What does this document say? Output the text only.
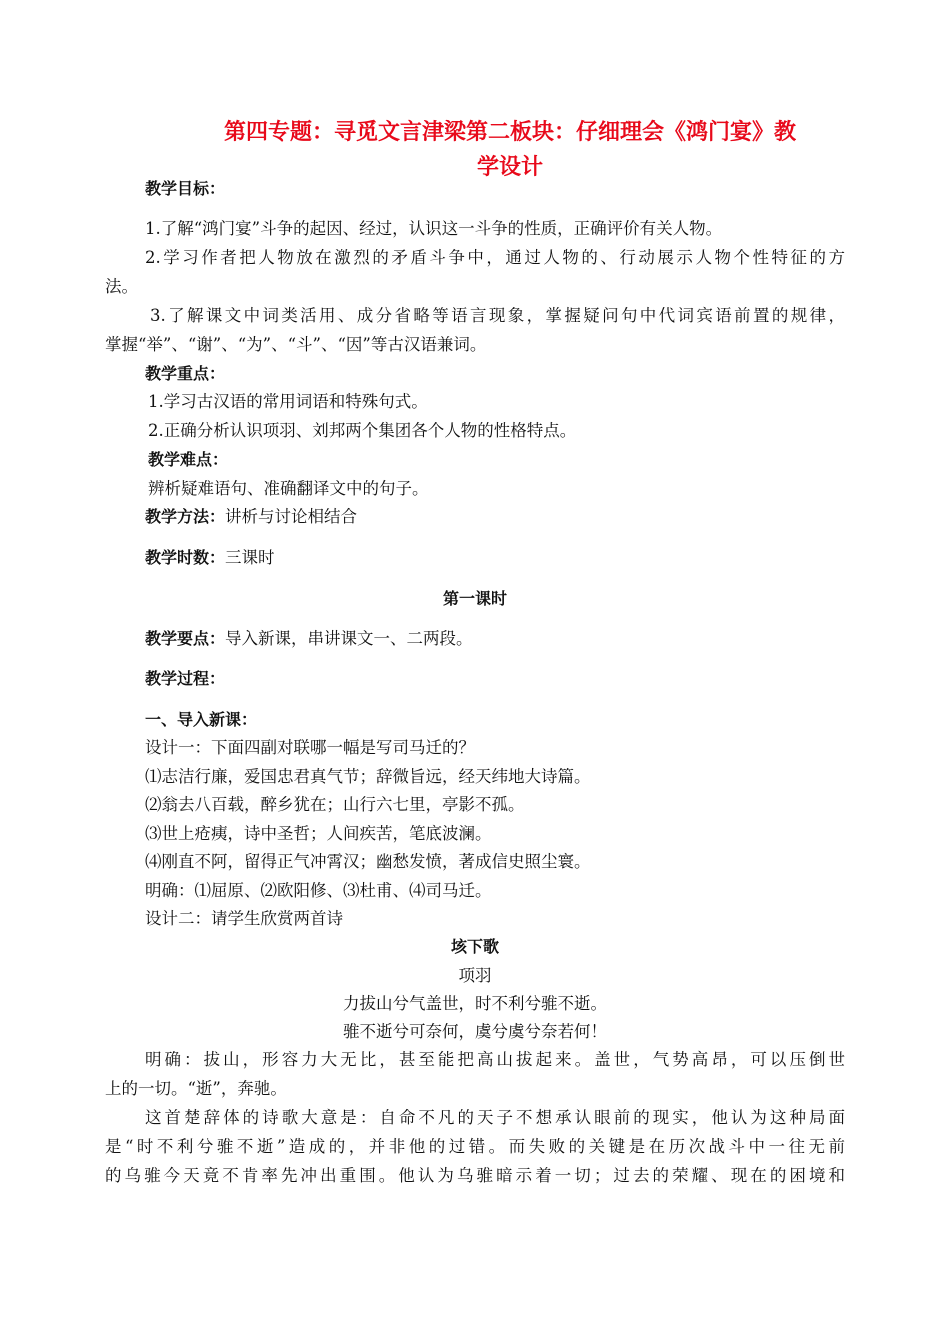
第四专题：寻觅文言津梁第二板块：仔细理会《鸿门宴》教
学设计
教学目标：
1.了解“鸿门宴”斗争的起因、经过，认识这一斗争的性质，正确评价有关人物。
2.学习作者把人物放在激烈的矛盾斗争中，通过人物的、行动展示人物个性特征的方
法。
3.了解课文中词类活用、成分省略等语言现象，掌握疑问句中代词宾语前置的规律，
掌握“举”、“谢”、“为”、“斗”、“因”等古汉语兼词。
教学重点：
1.学习古汉语的常用词语和特殊句式。
2.正确分析认识项羽、刘邦两个集团各个人物的性格特点。
教学难点：
辨析疑难语句、准确翻译文中的句子。
教学方法：讲析与讨论相结合
教学时数：三课时
第一课时
教学要点：导入新课，串讲课文一、二两段。
教学过程：
一、导入新课：
设计一：下面四副对联哪一幅是写司马迁的？
⑴志洁行廉，爱国忠君真气节；辞微旨远，经天纬地大诗篇。
⑵翁去八百载，醉乡犹在；山行六七里，亭影不孤。
⑶世上疮痍，诗中圣哲；人间疾苦，笔底波澜。
⑷刚直不阿，留得正气冲霄汉；幽愁发愤，著成信史照尘寰。
明确：⑴屈原、⑵欧阳修、⑶杜甫、⑷司马迁。
设计二：请学生欣赏两首诗
垓下歌
项羽
力拔山兮气盖世，时不利兮骓不逝。
骓不逝兮可奈何，虞兮虞兮奈若何！
明确：拔山，形容力大无比，甚至能把高山拔起来。盖世，气势高昂，可以压倒世
上的一切。“逝”，奔驰。
这首楚辞体的诗歌大意是：自命不凡的天子不想承认眼前的现实，他认为这种局面
是“时不利兮骓不逝”造成的，并非他的过错。而失败的关键是在历次战斗中一往无前
的乌骓今天竟不肯率先冲出重围。他认为乌骓暗示着一切；过去的荣耀、现在的困境和
